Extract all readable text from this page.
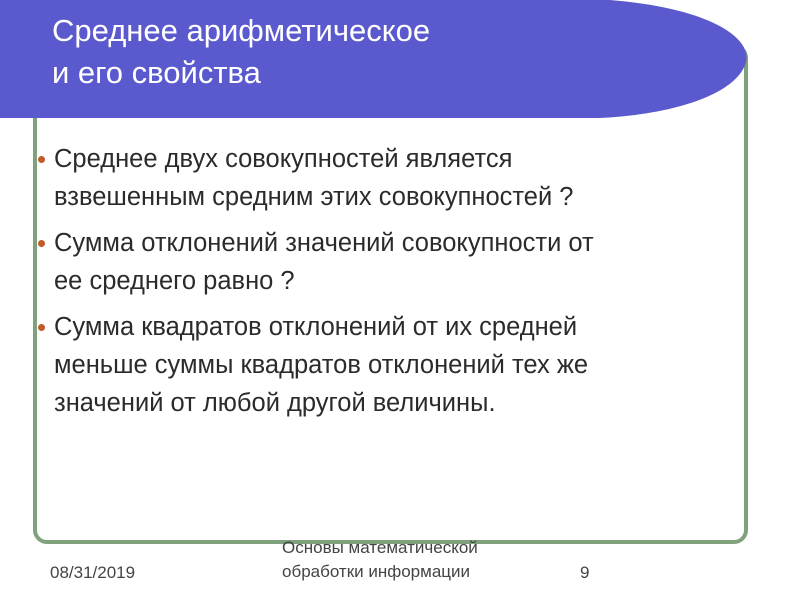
Среднее арифметическое
и его свойства
Среднее двух совокупностей является
взвешенным средним этих совокупностей ?
Сумма отклонений значений совокупности от
ее среднего равно ?
Сумма квадратов отклонений от их средней
меньше суммы квадратов отклонений тех же
значений от любой другой величины.
08/31/2019
Основы математической
обработки информации	9
